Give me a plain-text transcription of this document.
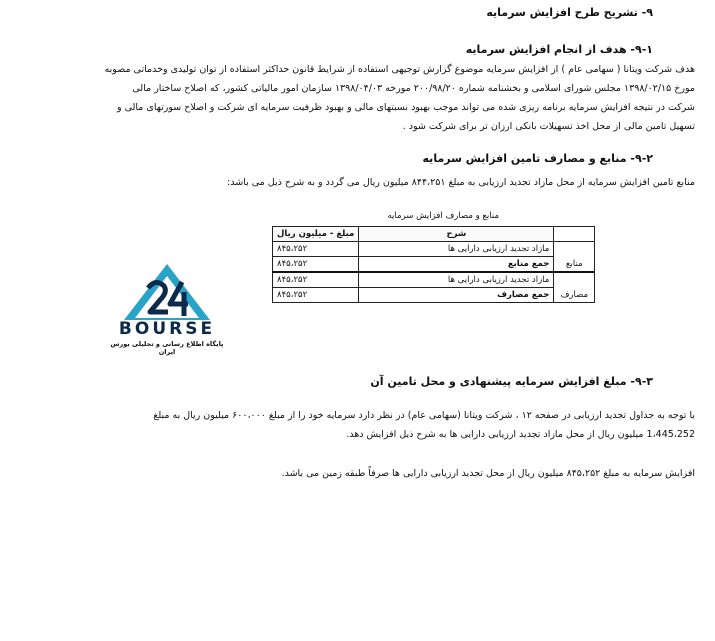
۹- تشریح طرح افزایش سرمایه
۹-۱- هدف از انجام افزایش سرمایه
هدف شرکت ویتانا ( سهامی عام ) از افزایش سرمایه موضوع گزارش توجیهی استفاده از شرایط قانون حداکثر استفاده از توان تولیدی وخدماتی مصوبه
مورخ ۱۳۹۸/۰۲/۱۵ مجلس شورای اسلامی و بخشنامه شماره ۲۰۰/۹۸/۲۰ مورخه ۱۳۹۸/۰۴/۰۳ سازمان امور مالیاتی کشور، که اصلاح ساختار مالی
شرکت در نتیجه افزایش سرمایه برنامه ریزی شده می تواند موجب بهبود نسبتهای مالی و بهبود ظرفیت سرمایه ای شرکت و اصلاح سورتهای مالی و
تسهیل تامین مالی از محل اخذ تسهیلات بانکی ارزان تر برای شرکت شود .
۹-۲- منابع و مصارف تامین افزایش سرمایه
منابع تامین افزایش سرمایه از محل مازاد تجدید ارزیابی به مبلغ ۸۴۴،۲۵۱ میلیون ریال می گردد و به شرح ذیل می باشد:
منابع و مصارف افزایش سرمایه
	شرح	مبلغ - میلیون ریال
	مازاد تجدید ارزیابی دارایی ها	۸۴۵،۲۵۲
منابع	جمع منابع	۸۴۵،۲۵۲
	مازاد تجدید ارزیابی دارایی ها	۸۴۵،۲۵۲
مصارف	جمع مصارف	۸۴۵،۲۵۲
BOURSE
پایگاه اطلاع رسانی و تحلیلی بورس ایران
۹-۳- مبلغ افزایش سرمایه پیشنهادی و محل تامین آن
با توجه به جداول تجدید ارزیابی در صفحه ۱۲ ، شرکت ویتانا (سهامی عام) در نظر دارد سرمایه خود را از مبلغ ۶۰۰،۰۰۰ میلیون ریال به مبلغ
1،445،252 میلیون ریال از محل مازاد تجدید ارزیابی دارایی ها به شرح ذیل افزایش دهد.
افزایش سرمایه به مبلغ ۸۴۵،۲۵۲ میلیون ریال از محل تجدید ارزیابی دارایی ها صرفاً طبقه زمین می باشد.
